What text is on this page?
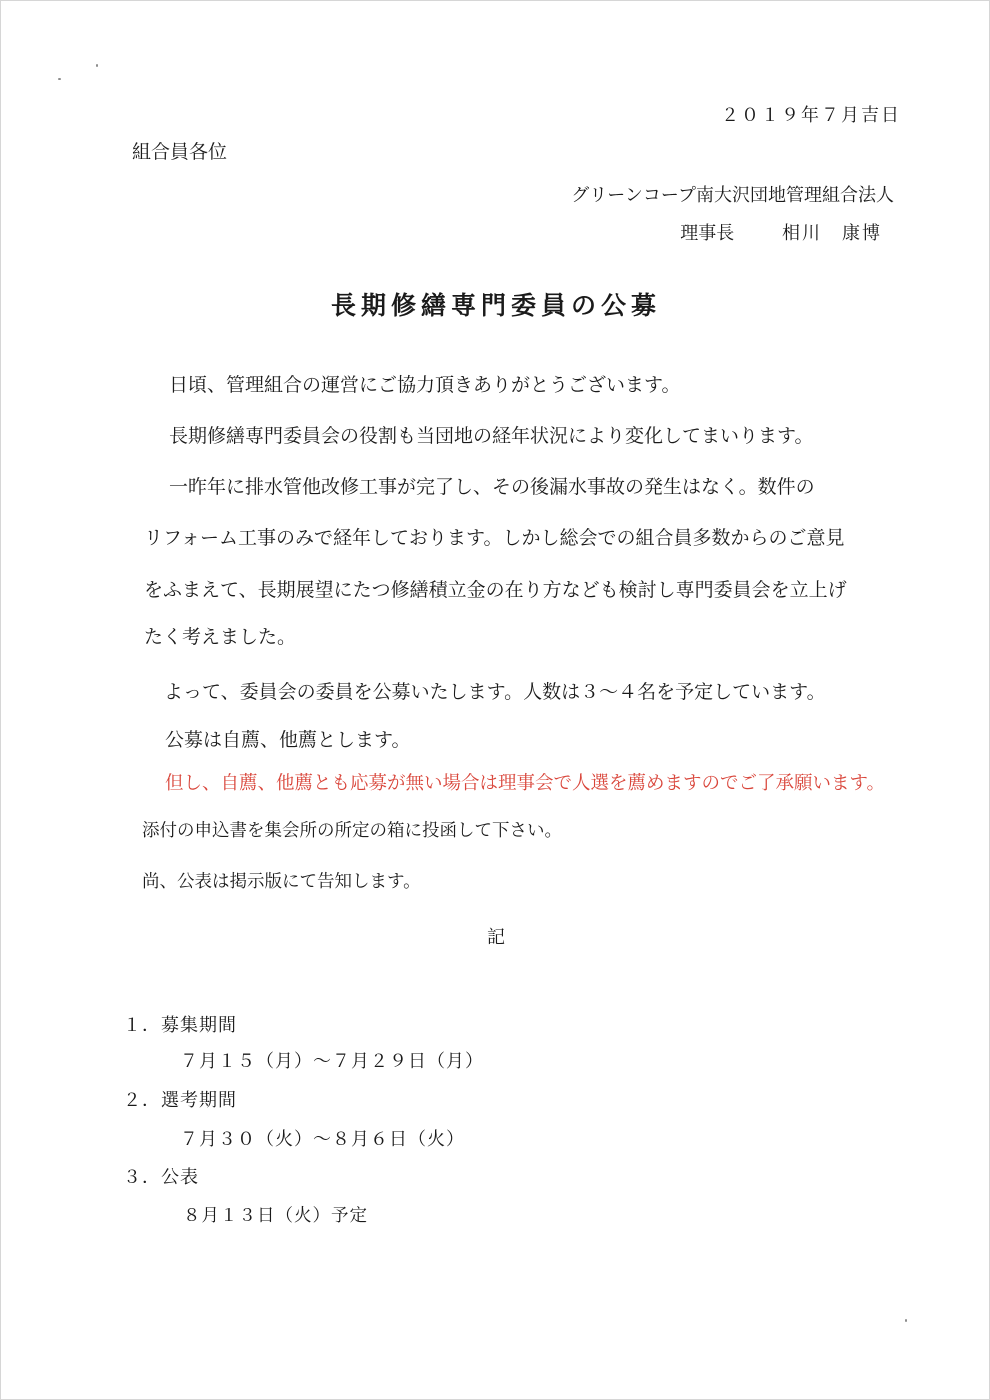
２０１９年７月吉日
組合員各位
グリーンコープ南大沢団地管理組合法人
理事長	相川　康博
長期修繕専門委員の公募
日頃、管理組合の運営にご協力頂きありがとうございます。
長期修繕専門委員会の役割も当団地の経年状況により変化してまいります。
一昨年に排水管他改修工事が完了し、その後漏水事故の発生はなく。数件の
リフォーム工事のみで経年しております。しかし総会での組合員多数からのご意見
をふまえて、長期展望にたつ修繕積立金の在り方なども検討し専門委員会を立上げ
たく考えました。
よって、委員会の委員を公募いたします。人数は３～４名を予定しています。
公募は自薦、他薦とします。
但し、自薦、他薦とも応募が無い場合は理事会で人選を薦めますのでご了承願います。
添付の申込書を集会所の所定の箱に投函して下さい。
尚、公表は掲示版にて告知します。
記
１．募集期間
７月１５（月）～７月２９日（月）
２．選考期間
７月３０（火）～８月６日（火）
３．公表
８月１３日（火）予定
